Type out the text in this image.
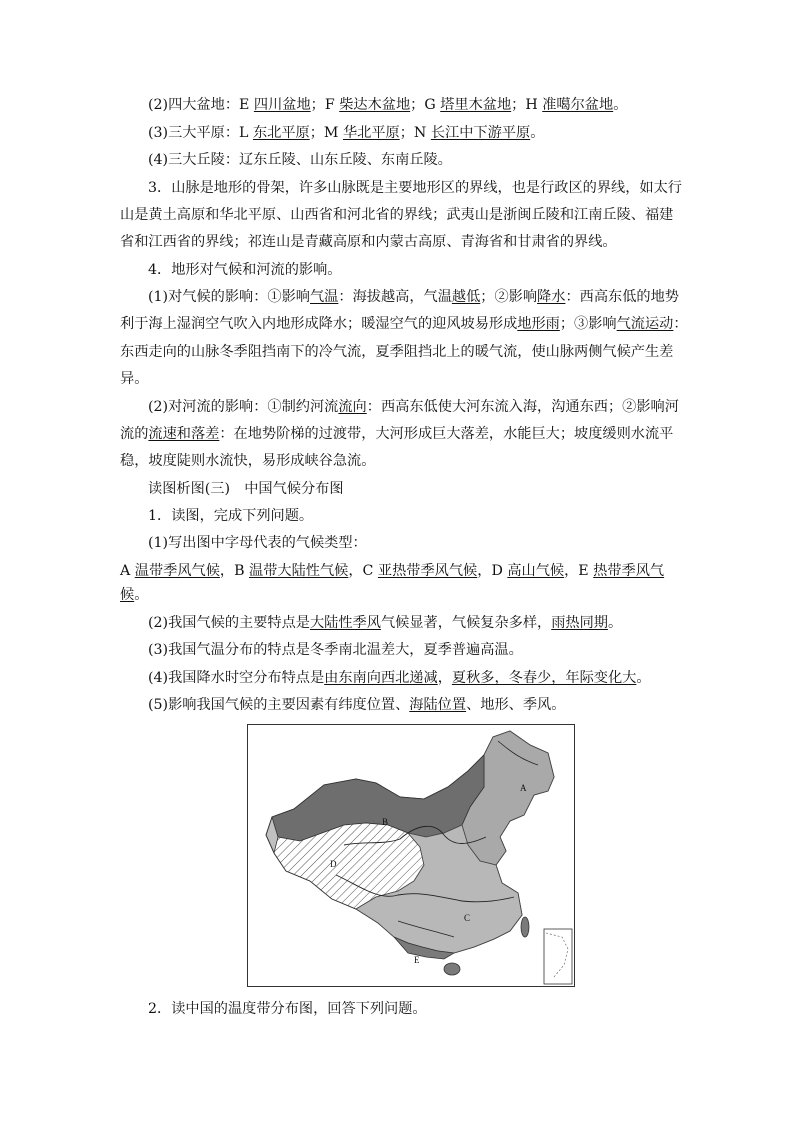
(2)四大盆地：E 四川盆地；F 柴达木盆地；G 塔里木盆地；H 准噶尔盆地。
(3)三大平原：L 东北平原；M 华北平原；N 长江中下游平原。
(4)三大丘陵：辽东丘陵、山东丘陵、东南丘陵。
3．山脉是地形的骨架，许多山脉既是主要地形区的界线，也是行政区的界线，如太行
山是黄土高原和华北平原、山西省和河北省的界线；武夷山是浙闽丘陵和江南丘陵、福建
省和江西省的界线；祁连山是青藏高原和内蒙古高原、青海省和甘肃省的界线。
4．地形对气候和河流的影响。
(1)对气候的影响：①影响气温：海拔越高，气温越低；②影响降水：西高东低的地势
利于海上湿润空气吹入内地形成降水；暖湿空气的迎风坡易形成地形雨；③影响气流运动：
东西走向的山脉冬季阻挡南下的冷气流，夏季阻挡北上的暖气流，使山脉两侧气候产生差
异。
(2)对河流的影响：①制约河流流向：西高东低使大河东流入海，沟通东西；②影响河
流的流速和落差：在地势阶梯的过渡带，大河形成巨大落差，水能巨大；坡度缓则水流平
稳，坡度陡则水流快，易形成峡谷急流。
读图析图(三)　中国气候分布图
1．读图，完成下列问题。
(1)写出图中字母代表的气候类型：
A 温带季风气候，B 温带大陆性气候，C 亚热带季风气候，D 高山气候，E 热带季风气
候。
(2)我国气候的主要特点是大陆性季风气候显著，气候复杂多样，雨热同期。
(3)我国气温分布的特点是冬季南北温差大，夏季普遍高温。
(4)我国降水时空分布特点是由东南向西北递减，夏秋多，冬春少，年际变化大。
(5)影响我国气候的主要因素有纬度位置、海陆位置、地形、季风。
A
B
C
D
E
2．读中国的温度带分布图，回答下列问题。
